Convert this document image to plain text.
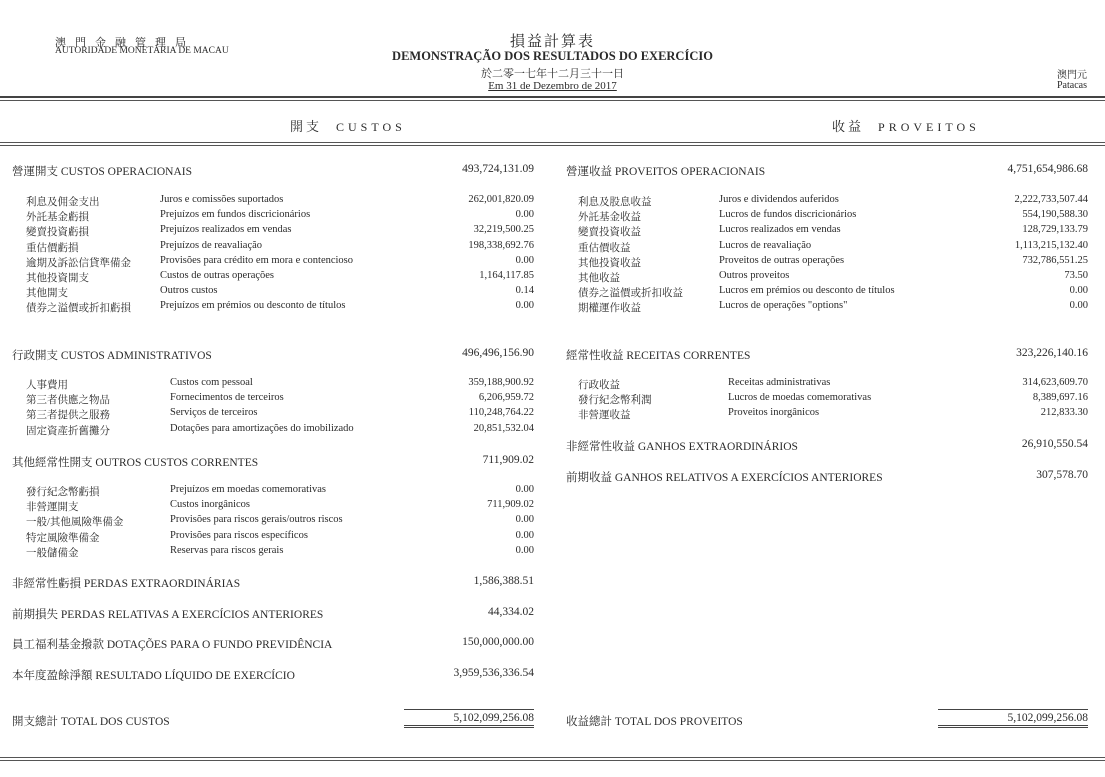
澳門金融管理局
AUTORIDADE MONETÁRIA DE MACAU
損益計算表
DEMONSTRAÇÃO DOS RESULTADOS DO EXERCÍCIO
於二零一七年十二月三十一日
Em 31 de Dezembro de 2017
澳門元
Patacas
開支 CUSTOS	收益 PROVEITOS
營運開支 CUSTOS OPERACIONAIS	493,724,131.09
利息及佣金支出	Juros e comissões suportados	262,001,820.09
外託基金虧損	Prejuízos em fundos discricionários	0.00
變賣投資虧損	Prejuízos realizados em vendas	32,219,500.25
重估價虧損	Prejuízos de reavaliação	198,338,692.76
逾期及訴訟信貸準備金	Provisões para crédito em mora e contencioso	0.00
其他投資開支	Custos de outras operações	1,164,117.85
其他開支	Outros custos	0.14
債券之溢價或折扣虧損	Prejuízos em prémios ou desconto de títulos	0.00
行政開支 CUSTOS ADMINISTRATIVOS	496,496,156.90
人事費用	Custos com pessoal	359,188,900.92
第三者供應之物品	Fornecimentos de terceiros	6,206,959.72
第三者提供之服務	Serviços de terceiros	110,248,764.22
固定資產折舊攤分	Dotações para amortizações do imobilizado	20,851,532.04
其他經常性開支 OUTROS CUSTOS CORRENTES	711,909.02
發行紀念幣虧損	Prejuízos em moedas comemorativas	0.00
非營運開支	Custos inorgânicos	711,909.02
一般/其他風險準備金	Provisões para riscos gerais/outros riscos	0.00
特定風險準備金	Provisões para riscos específicos	0.00
一般儲備金	Reservas para riscos gerais	0.00
非經常性虧損 PERDAS EXTRAORDINÁRIAS	1,586,388.51
前期損失 PERDAS RELATIVAS A EXERCÍCIOS ANTERIORES	44,334.02
員工福利基金撥款 DOTAÇÕES PARA O FUNDO PREVIDÊNCIA	150,000,000.00
本年度盈餘淨額 RESULTADO LÍQUIDO DE EXERCÍCIO	3,959,536,336.54
開支總計 TOTAL DOS CUSTOS	5,102,099,256.08
營運收益 PROVEITOS OPERACIONAIS	4,751,654,986.68
利息及股息收益	Juros e dividendos auferidos	2,222,733,507.44
外託基金收益	Lucros de fundos discricionários	554,190,588.30
變賣投資收益	Lucros realizados em vendas	128,729,133.79
重估價收益	Lucros de reavaliação	1,113,215,132.40
其他投資收益	Proveitos de outras operações	732,786,551.25
其他收益	Outros proveitos	73.50
債券之溢價或折扣收益	Lucros em prémios ou desconto de títulos	0.00
期權運作收益	Lucros de operações "options"	0.00
經常性收益 RECEITAS CORRENTES	323,226,140.16
行政收益	Receitas administrativas	314,623,609.70
發行紀念幣利潤	Lucros de moedas comemorativas	8,389,697.16
非營運收益	Proveitos inorgânicos	212,833.30
非經常性收益 GANHOS EXTRAORDINÁRIOS	26,910,550.54
前期收益 GANHOS RELATIVOS A EXERCÍCIOS ANTERIORES	307,578.70
收益總計 TOTAL DOS PROVEITOS	5,102,099,256.08
